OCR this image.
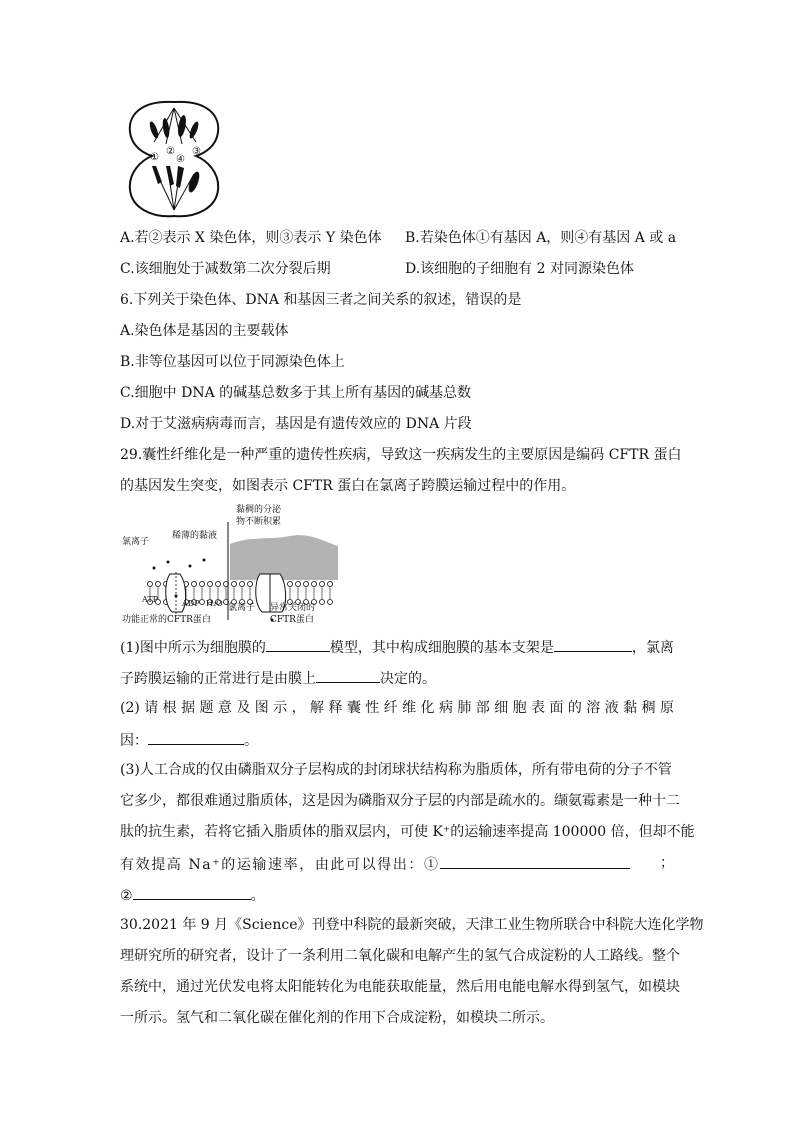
①
②
④
③
A.若②表示 X 染色体，则③表示 Y 染色体 B.若染色体①有基因 A，则④有基因 A 或 a
C.该细胞处于减数第二次分裂后期	D.该细胞的子细胞有 2 对同源染色体
6.下列关于染色体、DNA 和基因三者之间关系的叙述，错误的是
A.染色体是基因的主要载体
B.非等位基因可以位于同源染色体上
C.细胞中 DNA 的碱基总数多于其上所有基因的碱基总数
D.对于艾滋病病毒而言，基因是有遗传效应的 DNA 片段
29.囊性纤维化是一种严重的遗传性疾病，导致这一疾病发生的主要原因是编码 CFTR 蛋白
的基因发生突变，如图表示 CFTR 蛋白在氯离子跨膜运输过程中的作用。
黏稠的分泌
物不断积累
氯离子
稀薄的黏液
ATP	ADP H₂O
功能正常的CFTR蛋白
氯离子 异常关闭的
CFTR蛋白
(1)图中所示为细胞膜的	模型，其中构成细胞膜的基本支架是	，氯离
子跨膜运输的正常进行是由膜上	决定的。
(2)请根据题意及图示，解释囊性纤维化病肺部细胞表面的溶液黏稠原
因：	。
(3)人工合成的仅由磷脂双分子层构成的封闭球状结构称为脂质体，所有带电荷的分子不管
它多少，都很难通过脂质体，这是因为磷脂双分子层的内部是疏水的。缬氨霉素是一种十二
肽的抗生素，若将它插入脂质体的脂双层内，可使 K⁺的运输速率提高 100000 倍，但却不能
有效提高 Na⁺的运输速率，由此可以得出：①	；
②	。
30.2021 年 9 月《Science》刊登中科院的最新突破，天津工业生物所联合中科院大连化学物
理研究所的研究者，设计了一条利用二氧化碳和电解产生的氢气合成淀粉的人工路线。整个
系统中，通过光伏发电将太阳能转化为电能获取能量，然后用电能电解水得到氢气，如模块
一所示。氢气和二氧化碳在催化剂的作用下合成淀粉，如模块二所示。
